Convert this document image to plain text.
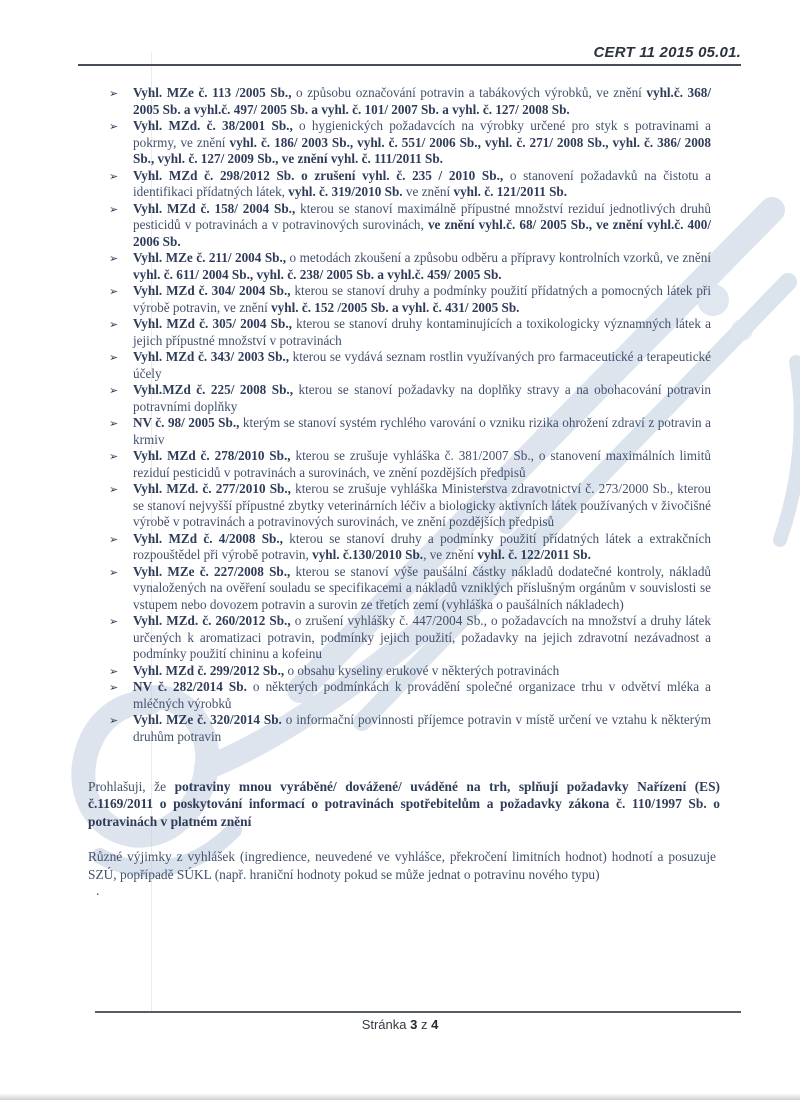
CERT 11 2015 05.01.
➢ Vyhl. MZe č. 113 /2005 Sb., o způsobu označování potravin a tabákových výrobků, ve znění vyhl.č. 368/ 2005 Sb. a vyhl.č. 497/ 2005 Sb. a vyhl. č. 101/ 2007 Sb. a vyhl. č. 127/ 2008 Sb.
➢ Vyhl. MZd. č. 38/2001 Sb., o hygienických požadavcích na výrobky určené pro styk s potravinami a pokrmy, ve znění vyhl. č. 186/ 2003 Sb., vyhl. č. 551/ 2006 Sb., vyhl. č. 271/ 2008 Sb., vyhl. č. 386/ 2008 Sb., vyhl. č. 127/ 2009 Sb., ve znění vyhl. č. 111/2011 Sb.
➢ Vyhl. MZd č. 298/2012 Sb. o zrušení vyhl. č. 235 / 2010 Sb., o stanovení požadavků na čistotu a identifikaci přídatných látek, vyhl. č. 319/2010 Sb. ve znění vyhl. č. 121/2011 Sb.
➢ Vyhl. MZd č. 158/ 2004 Sb., kterou se stanoví maximálně přípustné množství reziduí jednotlivých druhů pesticidů v potravinách a v potravinových surovinách, ve znění vyhl.č. 68/ 2005 Sb., ve znění vyhl.č. 400/ 2006 Sb.
➢ Vyhl. MZe č. 211/ 2004 Sb., o metodách zkoušení a způsobu odběru a přípravy kontrolních vzorků, ve znění vyhl. č. 611/ 2004 Sb., vyhl. č. 238/ 2005 Sb. a vyhl.č. 459/ 2005 Sb.
➢ Vyhl. MZd č. 304/ 2004 Sb., kterou se stanoví druhy a podmínky použití přídatných a pomocných látek při výrobě potravin, ve znění vyhl. č. 152 /2005 Sb. a vyhl. č. 431/ 2005 Sb.
➢ Vyhl. MZd č. 305/ 2004 Sb., kterou se stanoví druhy kontaminujících a toxikologicky významných látek a jejich přípustné množství v potravinách
➢ Vyhl. MZd č. 343/ 2003 Sb., kterou se vydává seznam rostlin využívaných pro farmaceutické a terapeutické účely
➢ Vyhl.MZd č. 225/ 2008 Sb., kterou se stanoví požadavky na doplňky stravy a na obohacování potravin potravními doplňky
➢ NV č. 98/ 2005 Sb., kterým se stanoví systém rychlého varování o vzniku rizika ohrožení zdraví z potravin a krmiv
➢ Vyhl. MZd č. 278/2010 Sb., kterou se zrušuje vyhláška č. 381/2007 Sb., o stanovení maximálních limitů reziduí pesticidů v potravinách a surovinách, ve znění pozdějších předpisů
➢ Vyhl. MZd. č. 277/2010 Sb., kterou se zrušuje vyhláška Ministerstva zdravotnictví č. 273/2000 Sb., kterou se stanoví nejvyšší přípustné zbytky veterinárních léčiv a biologicky aktivních látek používaných v živočišné výrobě v potravinách a potravinových surovinách, ve znění pozdějších předpisů
➢ Vyhl. MZd č. 4/2008 Sb., kterou se stanoví druhy a podmínky použití přídatných látek a extrakčních rozpouštědel při výrobě potravin, vyhl. č.130/2010 Sb., ve znění vyhl. č. 122/2011 Sb.
➢ Vyhl. MZe č. 227/2008 Sb., kterou se stanoví výše paušální částky nákladů dodatečné kontroly, nákladů vynaložených na ověření souladu se specifikacemi a nákladů vzniklých příslušným orgánům v souvislosti se vstupem nebo dovozem potravin a surovin ze třetích zemí (vyhláška o paušálních nákladech)
➢ Vyhl. MZd. č. 260/2012 Sb., o zrušení vyhlášky č. 447/2004 Sb., o požadavcích na množství a druhy látek určených k aromatizaci potravin, podmínky jejich použití, požadavky na jejich zdravotní nezávadnost a podmínky použití chininu a kofeinu
➢ Vyhl. MZd č. 299/2012 Sb., o obsahu kyseliny erukové v některých potravinách
➢ NV č. 282/2014 Sb. o některých podmínkách k provádění společné organizace trhu v odvětví mléka a mléčných výrobků
➢ Vyhl. MZe č. 320/2014 Sb. o informační povinnosti příjemce potravin v místě určení ve vztahu k některým druhům potravin

Prohlašuji, že potraviny mnou vyráběné/ dovážené/ uváděné na trh, splňují požadavky Nařízení (ES) č.1169/2011 o poskytování informací o potravinách spotřebitelům a požadavky zákona č. 110/1997 Sb. o potravinách v platném znění

Různé výjimky z vyhlášek (ingredience, neuvedené ve vyhlášce, překročení limitních hodnot) hodnotí a posuzuje SZÚ, popřípadě SÚKL (např. hraniční hodnoty pokud se může jednat o potravinu nového typu)

.

Stránka 3 z 4
